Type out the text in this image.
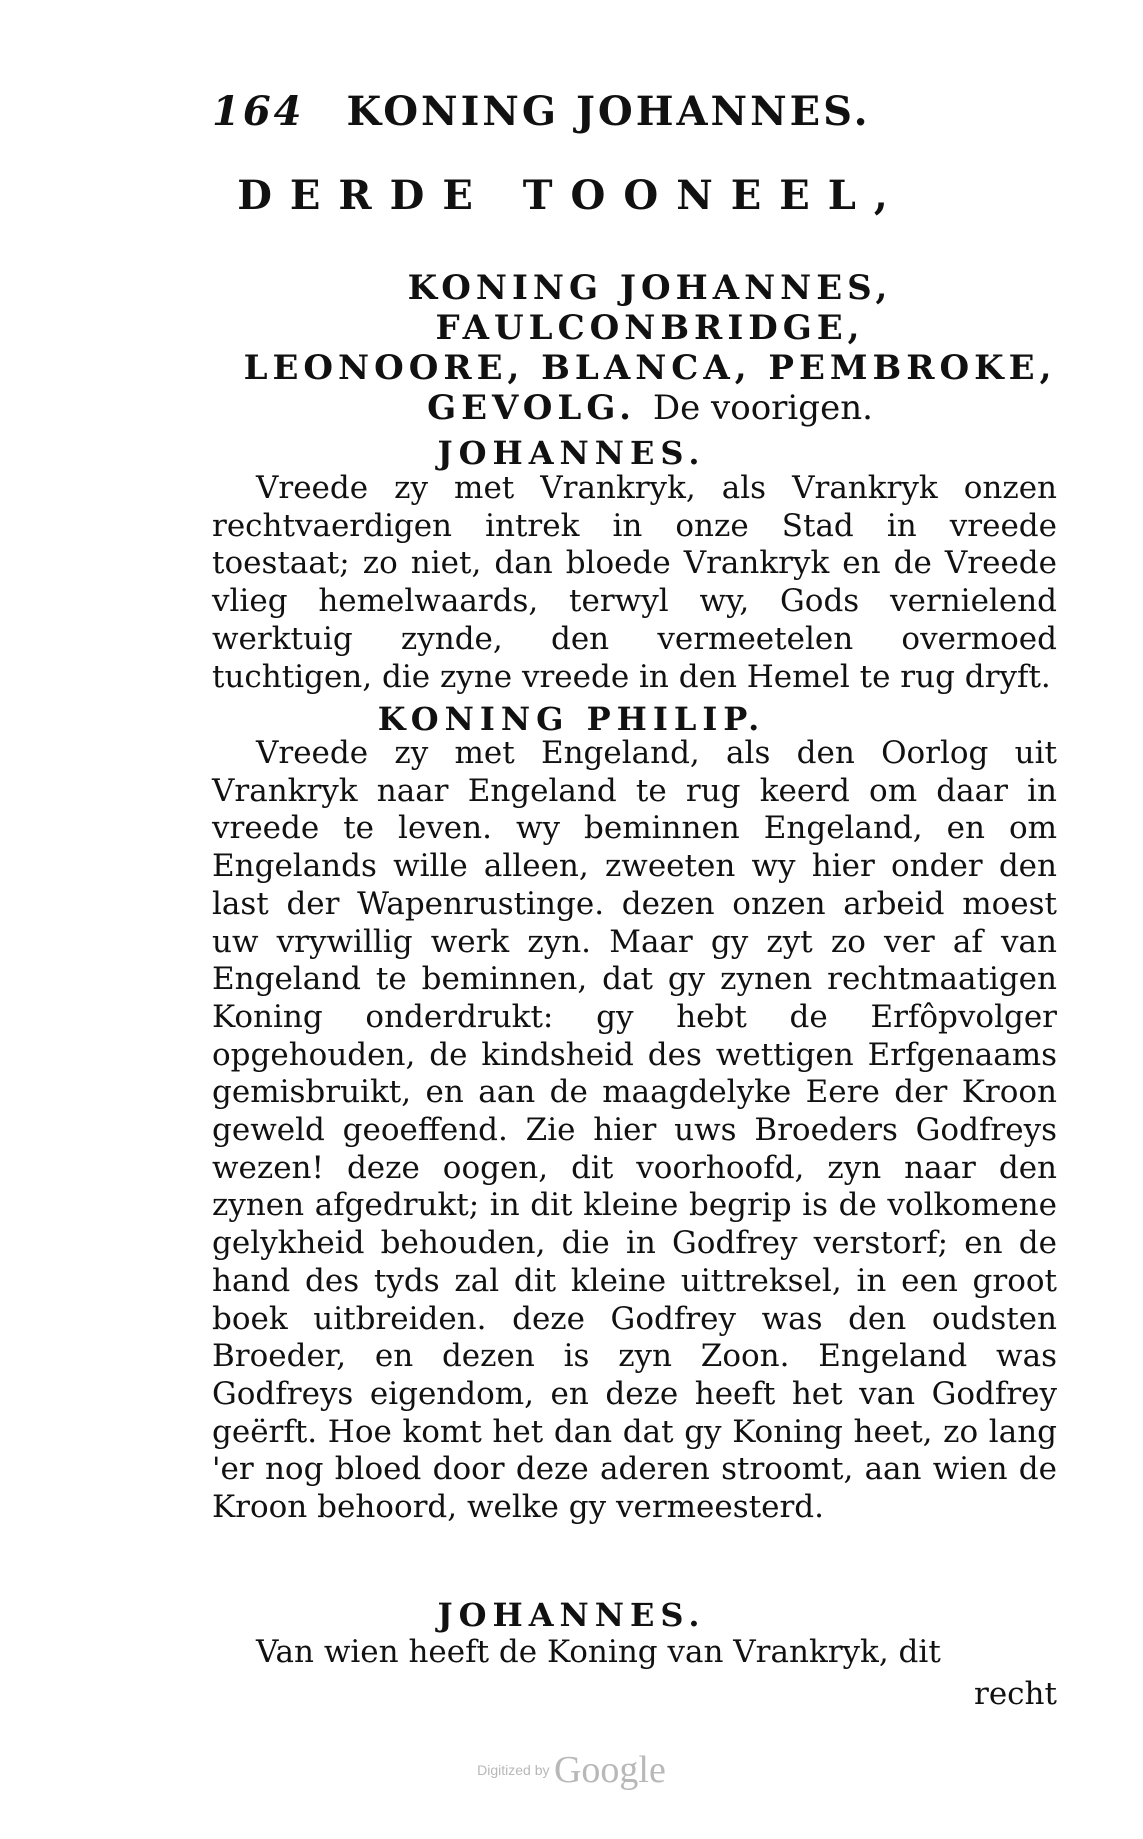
164 KONING JOHANNES.
DERDE TOONEEL,
KONING JOHANNES, FAULCONBRIDGE,
LEONOORE, BLANCA, PEMBROKE,
GEVOLG. De voorigen.
JOHANNES.
Vreede zy met Vrankryk, als Vrankryk onzen rechtvaerdigen intrek in onze Stad in vreede toestaat; zo niet, dan bloede Vrankryk en de Vreede vlieg hemelwaards, terwyl wy, Gods vernielend werktuig zynde, den vermeetelen overmoed tuchtigen, die zyne vreede in den Hemel te rug dryft.
KONING PHILIP.
Vreede zy met Engeland, als den Oorlog uit Vrankryk naar Engeland te rug keerd om daar in vreede te leven. wy beminnen Engeland, en om Engelands wille alleen, zweeten wy hier onder den last der Wapenrustinge. dezen onzen arbeid moest uw vrywillig werk zyn. Maar gy zyt zo ver af van Engeland te beminnen, dat gy zynen rechtmaatigen Koning onderdrukt: gy hebt de Erfôpvolger opgehouden, de kindsheid des wettigen Erfgenaams gemisbruikt, en aan de maagdelyke Eere der Kroon geweld geoeffend. Zie hier uws Broeders Godfreys wezen! deze oogen, dit voorhoofd, zyn naar den zynen afgedrukt; in dit kleine begrip is de volkomene gelykheid behouden, die in Godfrey verstorf; en de hand des tyds zal dit kleine uittreksel, in een groot boek uitbreiden. deze Godfrey was den oudsten Broeder, en dezen is zyn Zoon. Engeland was Godfreys eigendom, en deze heeft het van Godfrey geërft. Hoe komt het dan dat gy Koning heet, zo lang 'er nog bloed door deze aderen stroomt, aan wien de Kroon behoord, welke gy vermeesterd.
JOHANNES.
Van wien heeft de Koning van Vrankryk, dit
recht
Digitized by Google
